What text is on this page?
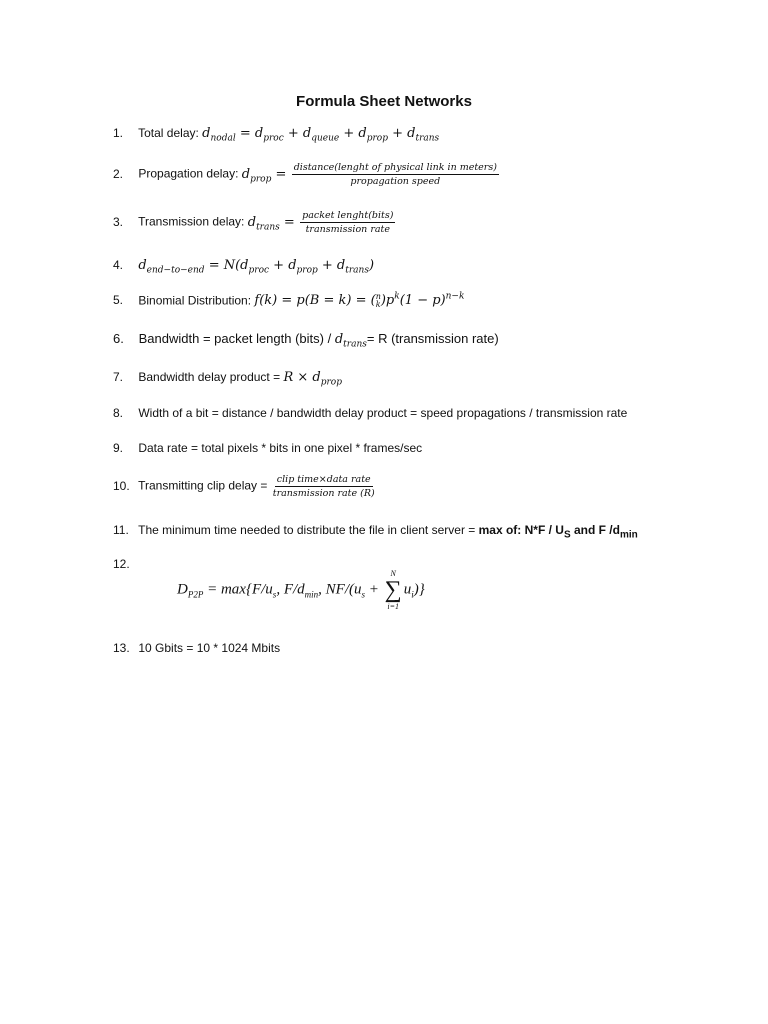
Formula Sheet Networks
1. Total delay: $d_{nodal} = d_{proc} + d_{queue} + d_{prop} + d_{trans}$
2. Propagation delay: $d_{prop} = \frac{\text{distance(lenght of physical link in meters)}}{\text{propagation speed}}$
3. Transmission delay: $d_{trans} = \frac{\text{packet lenght(bits)}}{\text{transmission rate}}$
4. $d_{end-to-end} = N(d_{proc} + d_{prop} + d_{trans})$
5. Binomial Distribution: f(k) = p(B = k) = ( n
k )$p^k(1 - p)^{n-k}$
6. Bandwidth = packet length (bits) / $d_{trans}= R$ (transmission rate)
7. Bandwidth delay product = $R \times d_{prop}$
8. Width of a bit = distance / bandwidth delay product = speed propagations / transmission rate
9. Data rate = total pixels * bits in one pixel * frames/sec
10. Transmitting clip delay = $\frac{\text{clip time×data rate}}{\text{transmission rate (R)}}$
11. The minimum time needed to distribute the file in client server = max of: $N*F / U_S$ and F $/d_{min}$
12.
$D_{P2P} = \max\{F/u_s$, $F/d_{min}$, $NF/(u_s$ +
N
∑
i=1
$u_i$)}
13. 10 Gbits = 10 * 1024 Mbits
